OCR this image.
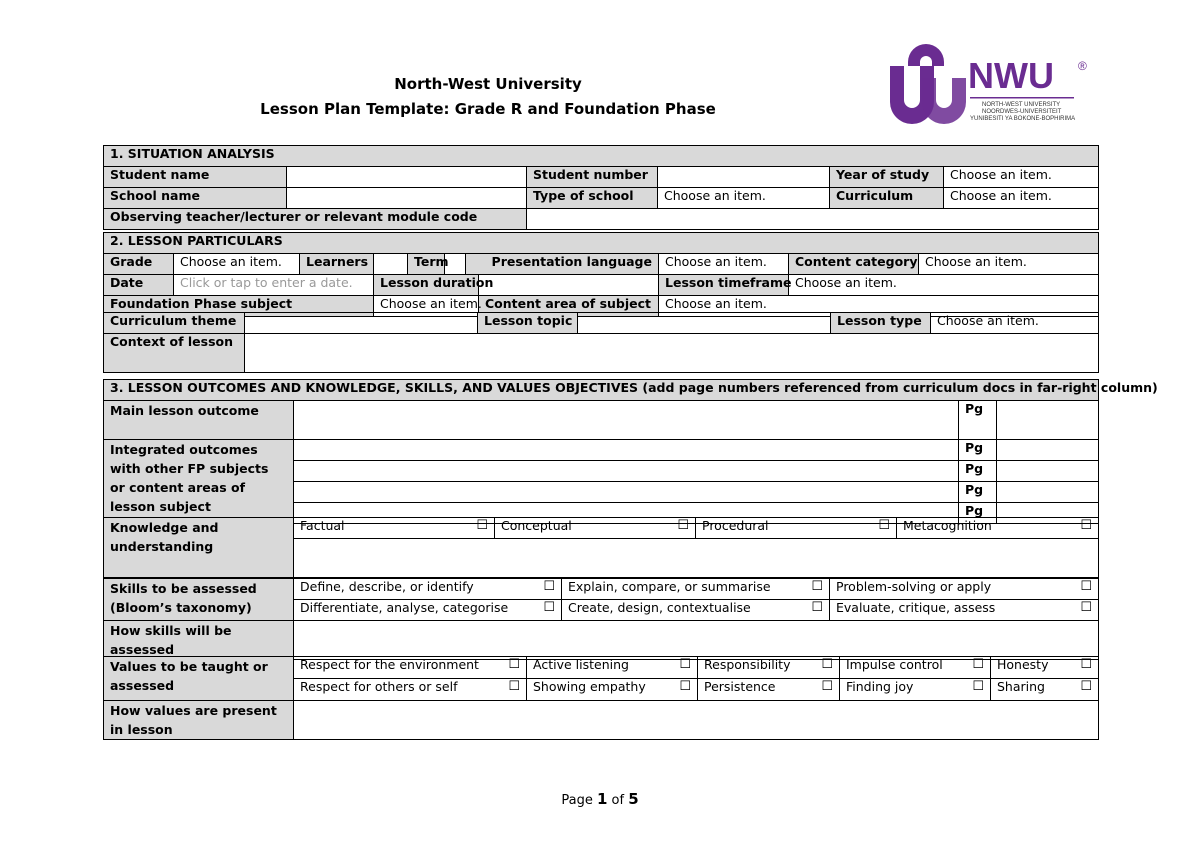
North-West University
Lesson Plan Template: Grade R and Foundation Phase
NWU ®
NORTH-WEST UNIVERSITY
NOORDWES-UNIVERSITEIT
YUNIBESITI YA BOKONE-BOPHIRIMA
1. SITUATION ANALYSIS					
Student name		Student number		Year of study	Choose an item.
School name		Type of school	Choose an item.	Curriculum	Choose an item.
Observing teacher/lecturer or relevant module code					
2. LESSON PARTICULARS										
Grade	Choose an item.	Learners		Term		Presentation language		Choose an item.	Content category	Choose an item.
Date	Click or tap to enter a date.		Lesson duration					Lesson timeframe	Choose an item.	
Foundation Phase subject			Choose an item.				Content area of subject	Choose an item.		
Curriculum theme		Lesson topic		Lesson type	Choose an item.
Context of lesson					
3. LESSON OUTCOMES AND KNOWLEDGE, SKILLS, AND VALUES OBJECTIVES (add page numbers referenced from curriculum docs in far-right column)			
Main lesson outcome		Pg	
Integrated outcomes with other FP subjects or content areas of lesson subject		Pg	
		Pg	
		Pg	
		Pg	
Knowledge and understanding	Factual	☐	Conceptual	☐	Procedural	☐	Metacognition	☐

Skills to be assessed (Bloom’s taxonomy)	Define, describe, or identify ☐	Explain, compare, or summarise ☐	Problem-solving or apply ☐

	Differentiate, analyse, categorise ☐	Create, design, contextualise ☐	Evaluate, critique, assess ☐

How skills will be assessed			
Values to be taught or assessed	Respect for the environment ☐	Active listening ☐	Responsibility ☐	Impulse control ☐	Honesty ☐

	Respect for others or self ☐	Showing empathy ☐	Persistence ☐	Finding joy ☐	Sharing ☐

How values are present in lesson					
Page 1 of 5
